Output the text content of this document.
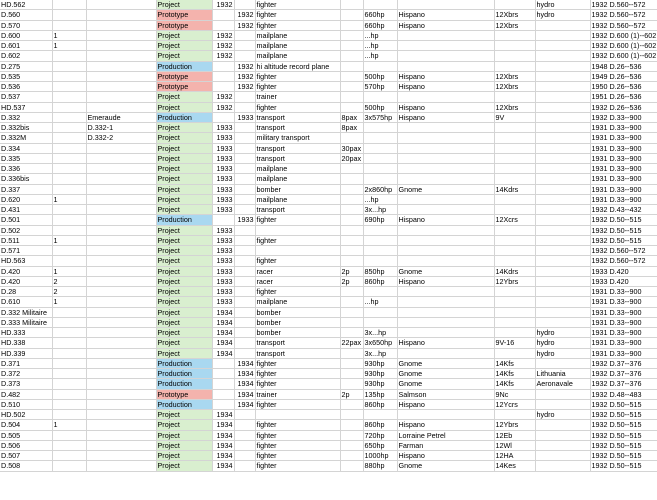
HD.562			Project	1932		fighter					hydro	1932 D.560--572
D.560			Prototype		1932	fighter		660hp	Hispano	12Xbrs	hydro	1932 D.560--572
D.570			Prototype		1932	fighter		660hp	Hispano	12Xbrs		1932 D.560--572
D.600	1		Project	1932		mailplane		...hp				1932 D.600 (1)--602
D.601	1		Project	1932		mailplane		...hp				1932 D.600 (1)--602
D.602			Project	1932		mailplane		...hp				1932 D.600 (1)--602
D.275			Production		1932	hi altitude record plane						1948 D.26--536
D.535			Prototype		1932	fighter		500hp	Hispano	12Xbrs		1949 D.26--536
D.536			Prototype		1932	fighter		570hp	Hispano	12Xbrs		1950 D.26--536
D.537			Project	1932		trainer						1951 D.26--536
HD.537			Project	1932		fighter		500hp	Hispano	12Xbrs		1932 D.26--536
D.332		Emeraude	Production		1933	transport	8pax	3x575hp	Hispano	9V		1932 D.33--900
D.332bis		D.332-1	Project	1933		transport	8pax					1931 D.33--900
D.332M		D.332-2	Project	1933		military transport						1931 D.33--900
D.334			Project	1933		transport	30pax					1931 D.33--900
D.335			Project	1933		transport	20pax					1931 D.33--900
D.336			Project	1933		mailplane						1931 D.33--900
D.336bis			Project	1933		mailplane						1931 D.33--900
D.337			Project	1933		bomber		2x860hp	Gnome	14Kdrs		1931 D.33--900
D.620	1		Project	1933		mailplane		...hp				1931 D.33--900
D.431			Project	1933		transport		3x...hp				1932 D.43--432
D.501			Production		1933	fighter		690hp	Hispano	12Xcrs		1932 D.50--515
D.502			Project	1933								1932 D.50--515
D.511	1		Project	1933		fighter						1932 D.50--515
D.571			Project	1933								1932 D.560--572
HD.563			Project	1933		fighter						1932 D.560--572
D.420	1		Project	1933		racer	2p	850hp	Gnome	14Kdrs		1933 D.420
D.420	2		Project	1933		racer	2p	860hp	Hispano	12Ybrs		1933 D.420
D.28	2		Project	1933		fighter						1931 D.33--900
D.610	1		Project	1933		mailplane		...hp				1931 D.33--900
D.332 Militaire			Project	1934		bomber						1931 D.33--900
D.333 Militaire			Project	1934		bomber						1931 D.33--900
HD.333			Project	1934		bomber		3x...hp			hydro	1931 D.33--900
HD.338			Project	1934		transport	22pax	3x650hp	Hispano	9V-16	hydro	1931 D.33--900
HD.339			Project	1934		transport		3x...hp			hydro	1931 D.33--900
D.371			Production		1934	fighter		930hp	Gnome	14Kfs		1932 D.37--376
D.372			Production		1934	fighter		930hp	Gnome	14Kfs	Lithuania	1932 D.37--376
D.373			Production		1934	fighter		930hp	Gnome	14Kfs	Aeronavale	1932 D.37--376
D.482			Prototype		1934	trainer	2p	135hp	Salmson	9Nc		1932 D.48--483
D.510			Production		1934	fighter		860hp	Hispano	12Ycrs		1932 D.50--515
HD.502			Project	1934							hydro	1932 D.50--515
D.504	1		Project	1934		fighter		860hp	Hispano	12Ybrs		1932 D.50--515
D.505			Project	1934		fighter		720hp	Lorraine Petrel	12Eb		1932 D.50--515
D.506			Project	1934		fighter		650hp	Farman	12Wl		1932 D.50--515
D.507			Project	1934		fighter		1000hp	Hispano	12HA		1932 D.50--515
D.508			Project	1934		fighter		880hp	Gnome	14Kes		1932 D.50--515
